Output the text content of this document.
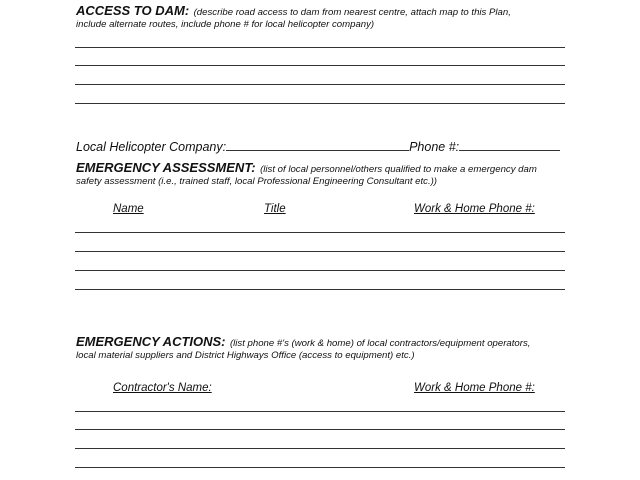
ACCESS TO DAM: (describe road access to dam from nearest centre, attach map to this Plan,
include alternate routes, include phone # for local helicopter company)
Local Helicopter Company:	Phone #:
EMERGENCY ASSESSMENT: (list of local personnel/others qualified to make a emergency dam
safety assessment (i.e., trained staff, local Professional Engineering Consultant etc.))
Name	Title	Work & Home Phone #:
EMERGENCY ACTIONS: (list phone #'s (work & home) of local contractors/equipment operators,
local material suppliers and District Highways Office (access to equipment) etc.)
Contractor's Name:	Work & Home Phone #:
